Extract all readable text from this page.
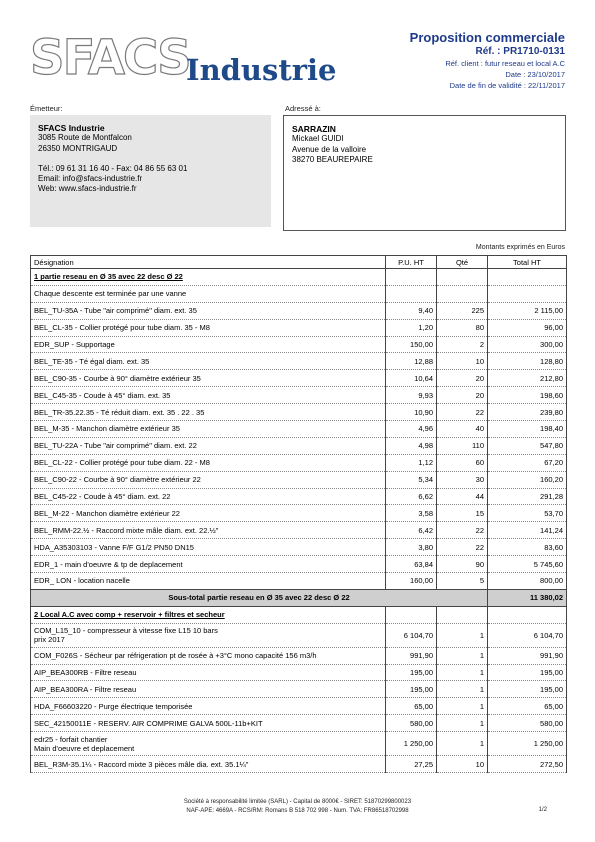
SFACS
Industrie
Proposition commerciale
Réf. : PR1710-0131
Réf. client : futur reseau et local A.C
Date : 23/10/2017
Date de fin de validité : 22/11/2017
Émetteur:	Adressé à:
SFACS Industrie
3085 Route de Montfalcon
26350 MONTRIGAUD
Tél.: 09 61 31 16 40 - Fax: 04 86 55 63 01
Email: info@sfacs-industrie.fr
Web: www.sfacs-industrie.fr
SARRAZIN
Mickael GUIDI
Avenue de la valloire
38270 BEAUREPAIRE
Montants exprimés en Euros
Désignation	P.U. HT	Qté	Total HT

1 partie reseau en Ø 35 avec 22 desc Ø 22			

Chaque descente est terminée par une vanne			

BEL_TU-35A - Tube "air comprimé" diam. ext. 35	9,40	225	2 115,00

BEL_CL-35 - Collier protégé pour tube diam. 35 - M8	1,20	80	96,00

EDR_SUP - Supportage	150,00	2	300,00

BEL_TE-35 - Té égal diam. ext. 35	12,88	10	128,80

BEL_C90-35 - Courbe à 90° diamètre extérieur 35	10,64	20	212,80

BEL_C45-35 - Coude à 45° diam. ext. 35	9,93	20	198,60

BEL_TR-35.22.35 - Té réduit diam. ext. 35 . 22 . 35	10,90	22	239,80

BEL_M-35 - Manchon diamètre extérieur 35	4,96	40	198,40

BEL_TU-22A - Tube "air comprimé" diam. ext. 22	4,98	110	547,80

BEL_CL-22 - Collier protégé pour tube diam. 22 - M8	1,12	60	67,20

BEL_C90-22 - Courbe à 90° diamètre extérieur 22	5,34	30	160,20

BEL_C45-22 - Coude à 45° diam. ext. 22	6,62	44	291,28

BEL_M-22 - Manchon diamètre extérieur 22	3,58	15	53,70

BEL_RMM-22.½ - Raccord mixte mâle diam. ext. 22.½"	6,42	22	141,24

HDA_A35303103 - Vanne F/F G1/2 PN50 DN15	3,80	22	83,60

EDR_1 - main d'oeuvre & tp de deplacement	63,84	90	5 745,60

EDR_ LON - location nacelle	160,00	5	800,00
Sous-total partie reseau en Ø 35 avec 22 desc Ø 22			11 380,02

2 Local A.C avec comp + reservoir + filtres et secheur			

COM_L15_10 - compresseur à vitesse fixe L15 10 bars
prix 2017	6 104,70	1	6 104,70

COM_F026S - Sécheur par réfrigeration pt de rosée à +3°C mono capacité 156 m3/h	991,90	1	991,90

AIP_BEA300RB - Filtre reseau	195,00	1	195,00

AIP_BEA300RA - Filtre reseau	195,00	1	195,00

HDA_F66603220 - Purge électrique temporisée	65,00	1	65,00

SEC_42150011E - RESERV. AIR COMPRIME GALVA 500L-11b+KIT	580,00	1	580,00

edr25 - forfait chantier
Main d'oeuvre et deplacement	1 250,00	1	1 250,00

BEL_R3M-35.1¼ - Raccord mixte 3 pièces mâle dia. ext. 35.1¼"	27,25	10	272,50
Société à responsabilité limitée (SARL) - Capital de 8000€ - SIRET: 51870299800023
NAF-APE: 4669A - RCS/RM: Romans B 518 702 998 - Num. TVA: FR86518702998	1/2
